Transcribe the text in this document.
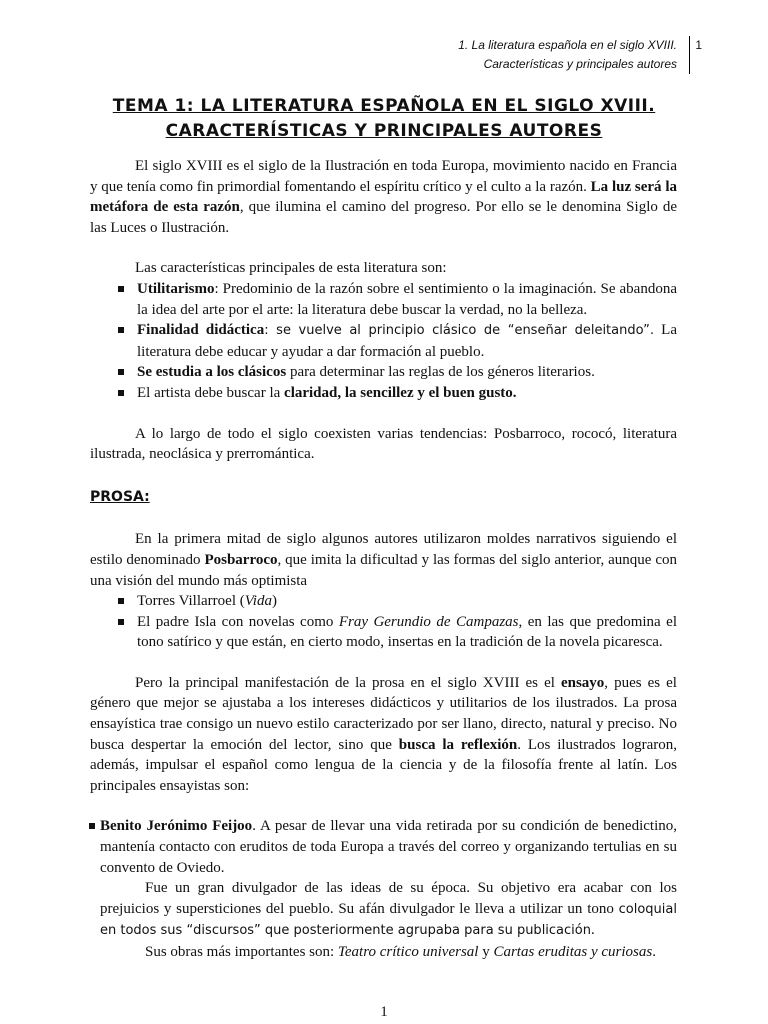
1. La literatura española en el siglo XVIII.
Características y principales autores
1
TEMA 1: LA LITERATURA ESPAÑOLA EN EL SIGLO XVIII.
CARACTERÍSTICAS Y PRINCIPALES AUTORES

El siglo XVIII es el siglo de la Ilustración en toda Europa, movimiento nacido en Francia y que tenía como fin primordial fomentando el espíritu crítico y el culto a la razón. La luz será la metáfora de esta razón, que ilumina el camino del progreso. Por ello se le denomina Siglo de las Luces o Ilustración.

Las características principales de esta literatura son:

Utilitarismo: Predominio de la razón sobre el sentimiento o la imaginación. Se abandona la idea del arte por el arte: la literatura debe buscar la verdad, no la belleza.
Finalidad didáctica: se vuelve al principio clásico de “enseñar deleitando”. La literatura debe educar y ayudar a dar formación al pueblo.
Se estudia a los clásicos para determinar las reglas de los géneros literarios.
El artista debe buscar la claridad, la sencillez y el buen gusto.

A lo largo de todo el siglo coexisten varias tendencias: Posbarroco, rococó, literatura ilustrada, neoclásica y prerromántica.

PROSA:

En la primera mitad de siglo algunos autores utilizaron moldes narrativos siguiendo el estilo denominado Posbarroco, que imita la dificultad y las formas del siglo anterior, aunque con una visión del mundo más optimista

Torres Villarroel (Vida)
El padre Isla con novelas como Fray Gerundio de Campazas, en las que predomina el tono satírico y que están, en cierto modo, insertas en la tradición de la novela picaresca.

Pero la principal manifestación de la prosa en el siglo XVIII es el ensayo, pues es el género que mejor se ajustaba a los intereses didácticos y utilitarios de los ilustrados. La prosa ensayística trae consigo un nuevo estilo caracterizado por ser llano, directo, natural y preciso. No busca despertar la emoción del lector, sino que busca la reflexión. Los ilustrados lograron, además, impulsar el español como lengua de la ciencia y de la filosofía frente al latín. Los principales ensayistas son:

Benito Jerónimo Feijoo. A pesar de llevar una vida retirada por su condición de benedictino, mantenía contacto con eruditos de toda Europa a través del correo y organizando tertulias en su convento de Oviedo.

Fue un gran divulgador de las ideas de su época. Su objetivo era acabar con los prejuicios y supersticiones del pueblo. Su afán divulgador le lleva a utilizar un tono coloquial en todos sus “discursos” que posteriormente agrupaba para su publicación.

Sus obras más importantes son: Teatro crítico universal y Cartas eruditas y curiosas.

1
